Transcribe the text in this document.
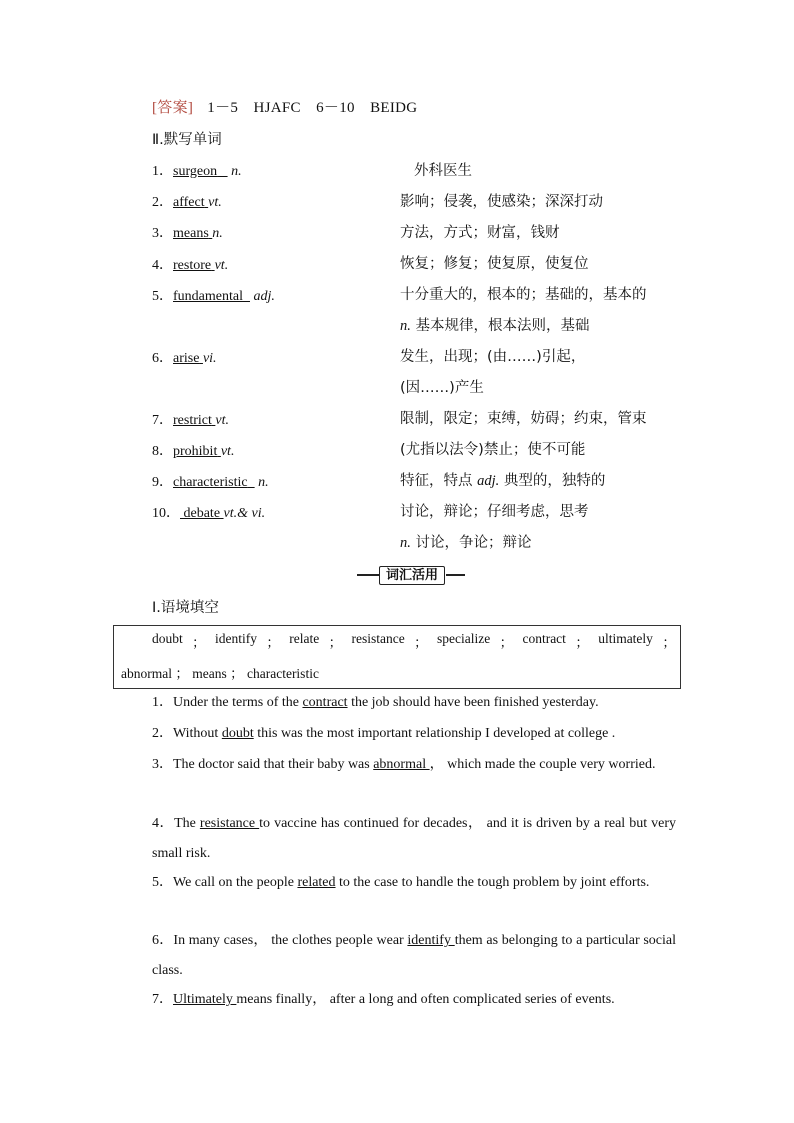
[答案] 1－5　HJAFC　6－10　BEIDG
Ⅱ.默写单词
1．surgeon n.	外科医生
2．affect vt.	影响；侵袭，使感染；深深打动
3．means n.	方法，方式；财富，钱财
4．restore vt.	恢复；修复；使复原，使复位
5．fundamental adj.	十分重大的，根本的；基础的，基本的
n. 基本规律，根本法则，基础
6．arise vi.	发生，出现；(由……)引起，
(因……)产生
7．restrict vt.	限制，限定；束缚，妨碍；约束，管束
8．prohibit vt.	(尤指以法令)禁止；使不可能
9．characteristic n.	特征，特点 adj. 典型的，独特的
10． debate vt.& vi.	讨论，辩论；仔细考虑，思考
n. 讨论，争论；辩论
词汇活用
Ⅰ.语境填空
doubt ； identify ； relate ； resistance ； specialize ； contract ； ultimately ；
abnormal ； means ； characteristic
1．Under the terms of the contract the job should have been finished yesterday.
2．Without doubt this was the most important relationship I developed at college .
3．The doctor said that their baby was abnormal ， which made the couple very worried.
4．The resistance to vaccine has continued for decades， and it is driven by a real but very small risk.
5．We call on the people related to the case to handle the tough problem by joint efforts.
6．In many cases， the clothes people wear identify them as belonging to a particular social class.
7．Ultimately means finally， after a long and often complicated series of events.
